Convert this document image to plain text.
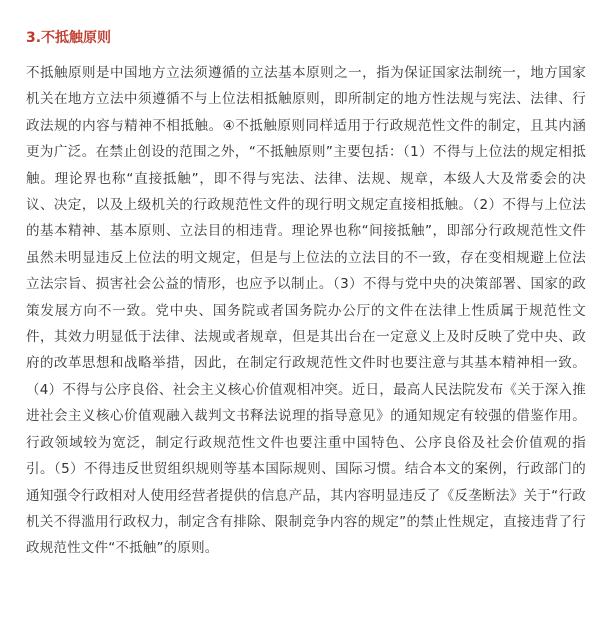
3.不抵触原则

不抵触原则是中国地方立法须遵循的立法基本原则之一，指为保证国家法制统一，地方国家机关在地方立法中须遵循不与上位法相抵触原则，即所制定的地方性法规与宪法、法律、行政法规的内容与精神不相抵触。④不抵触原则同样适用于行政规范性文件的制定，且其内涵更为广泛。在禁止创设的范围之外，“不抵触原则”主要包括：（1）不得与上位法的规定相抵触。理论界也称“直接抵触”，即不得与宪法、法律、法规、规章，本级人大及常委会的决议、决定，以及上级机关的行政规范性文件的现行明文规定直接相抵触。（2）不得与上位法的基本精神、基本原则、立法目的相违背。理论界也称“间接抵触”，即部分行政规范性文件虽然未明显违反上位法的明文规定，但是与上位法的立法目的不一致，存在变相规避上位法立法宗旨、损害社会公益的情形，也应予以制止。（3）不得与党中央的决策部署、国家的政策发展方向不一致。党中央、国务院或者国务院办公厅的文件在法律上性质属于规范性文件，其效力明显低于法律、法规或者规章，但是其出台在一定意义上及时反映了党中央、政府的改革思想和战略举措，因此，在制定行政规范性文件时也要注意与其基本精神相一致。（4）不得与公序良俗、社会主义核心价值观相冲突。近日，最高人民法院发布《关于深入推进社会主义核心价值观融入裁判文书释法说理的指导意见》的通知规定有较强的借鉴作用。行政领域较为宽泛，制定行政规范性文件也要注重中国特色、公序良俗及社会价值观的指引。（5）不得违反世贸组织规则等基本国际规则、国际习惯。结合本文的案例，行政部门的通知强令行政相对人使用经营者提供的信息产品，其内容明显违反了《反垄断法》关于“行政机关不得滥用行政权力，制定含有排除、限制竞争内容的规定”的禁止性规定，直接违背了行政规范性文件“不抵触”的原则。
